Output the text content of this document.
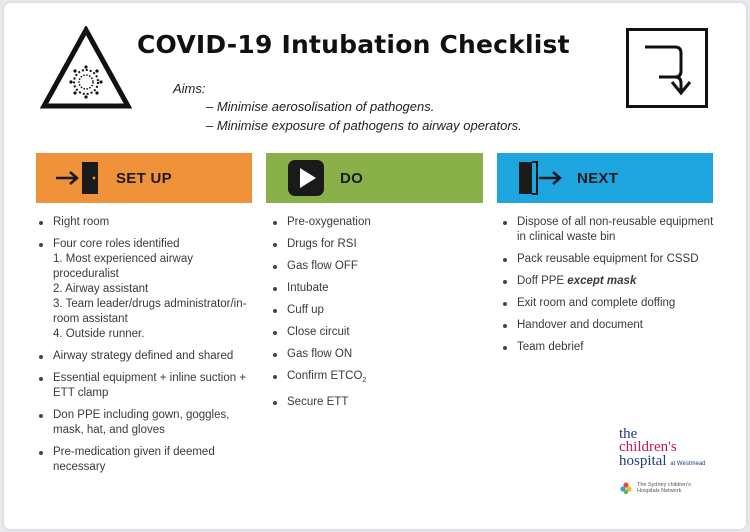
COVID-19 Intubation Checklist
Aims:
– Minimise aerosolisation of pathogens.
– Minimise exposure of pathogens to airway operators.
SET UP	DO	NEXT
Right room
Four core roles identified
1. Most experienced airway proceduralist
2. Airway assistant
3. Team leader/drugs administrator/in-room assistant
4. Outside runner.
Airway strategy defined and shared
Essential equipment + inline suction + ETT clamp
Don PPE including gown, goggles, mask, hat, and gloves
Pre-medication given if deemed necessary
Pre-oxygenation
Drugs for RSI
Gas flow OFF
Intubate
Cuff up
Close circuit
Gas flow ON
Confirm $ETCO_2$
Secure ETT
Dispose of all non-reusable equipment in clinical waste bin
Pack reusable equipment for CSSD
Doff PPE except mask
Exit room and complete doffing
Handover and document
Team debrief
the
children's
hospital at Westmead
The Sydney children's
Hospitals Network
